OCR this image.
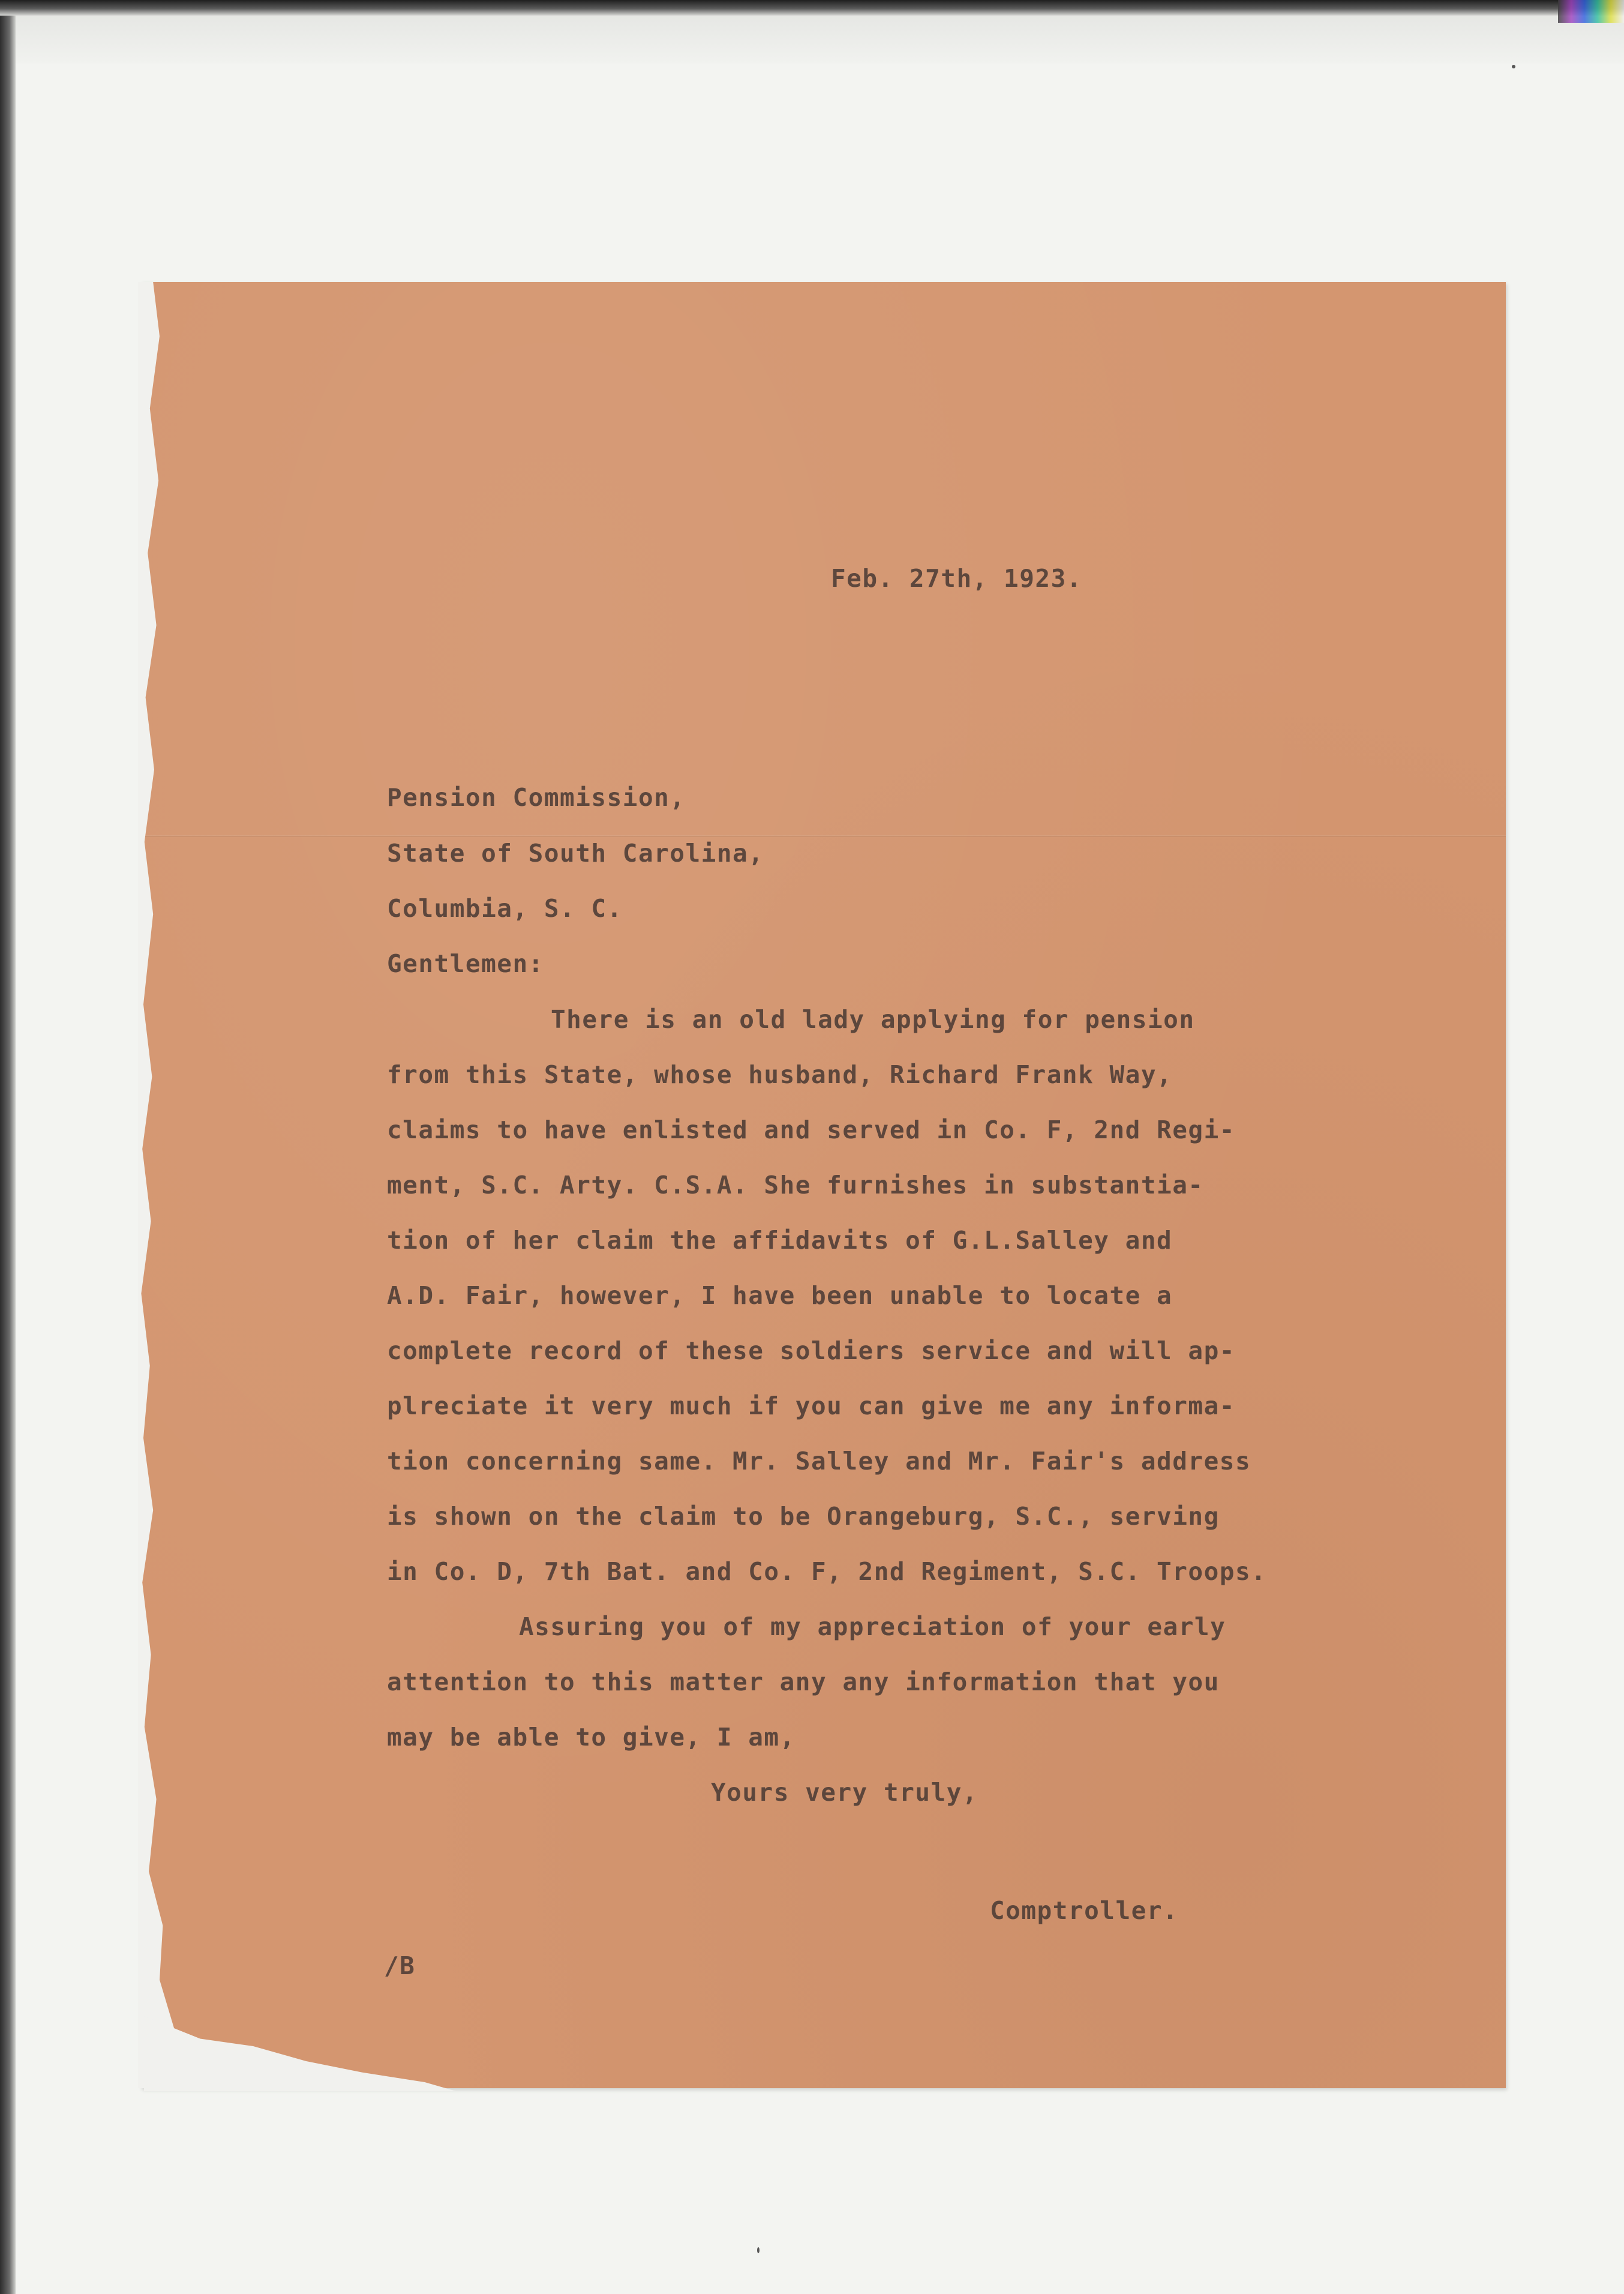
Feb. 27th, 1923.
Pension Commission,
State of South Carolina,
Columbia, S. C.
Gentlemen:
There is an old lady applying for pension
from this State, whose husband, Richard Frank Way,
claims to have enlisted and served in Co. F, 2nd Regi-
ment, S.C. Arty. C.S.A. She furnishes in substantia-
tion of her claim the affidavits of G.L.Salley and
A.D. Fair, however, I have been unable to locate a
complete record of these soldiers service and will ap-
plreciate it very much if you can give me any informa-
tion concerning same. Mr. Salley and Mr. Fair's address
is shown on the claim to be Orangeburg, S.C., serving
in Co. D, 7th Bat. and Co. F, 2nd Regiment, S.C. Troops.
Assuring you of my appreciation of your early
attention to this matter any any information that you
may be able to give, I am,
Yours very truly,
Comptroller.
/B
